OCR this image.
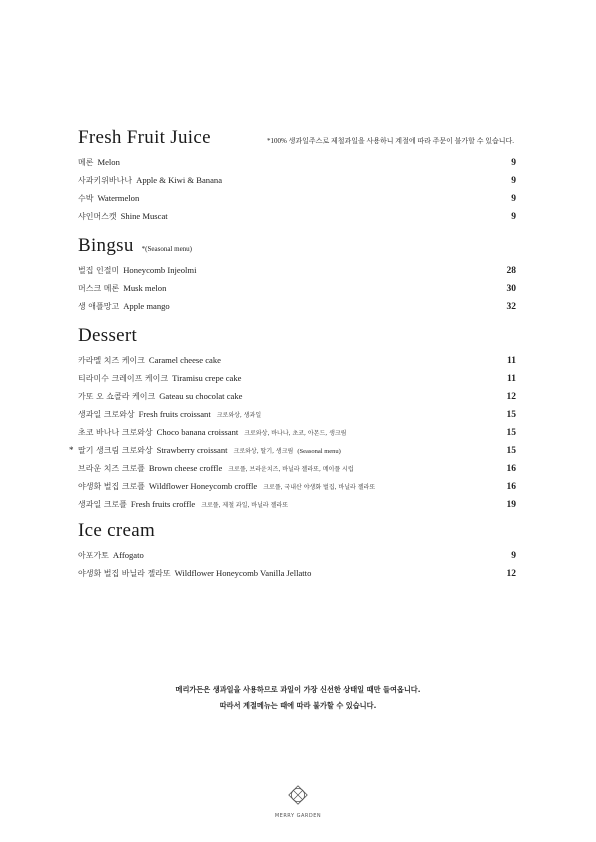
Fresh Fruit Juice	*100% 생과일주스로 제철과일을 사용하니 계절에 따라 주문이 불가할 수 있습니다.
메론 Melon	9
사과키위바나나 Apple & Kiwi & Banana	9
수박 Watermelon	9
샤인머스캣 Shine Muscat	9
Bingsu *(Seasonal menu)
벌집 인절미 Honeycomb Injeolmi	28
머스크 메론 Musk melon	30
생 애플망고 Apple mango	32
Dessert
카라멜 치즈 케이크 Caramel cheese cake	11
티라미수 크레이프 케이크 Tiramisu crepe cake	11
가또 오 쇼콜라 케이크 Gateau su chocolat cake	12
생과일 크로와상 Fresh fruits croissant 크로와상, 생과일	15
초코 바나나 크로와상 Choco banana croissant 크로와상, 바나나, 초코, 아몬드, 생크림	15
* 딸기 생크림 크로와상 Strawberry croissant 크로와상, 딸기, 생크림 (Seasonal menu)	15
브라운 치즈 크로플 Brown cheese croffle 크로플, 브라운치즈, 바닐라 젤라또, 메이플 시럽	16
야생화 벌집 크로플 Wildflower Honeycomb croffle 크로플, 국내산 야생화 벌집, 바닐라 젤라또	16
생과일 크로플 Fresh fruits croffle 크로플, 제철 과일, 바닐라 젤라또	19
Ice cream
아포가토 Affogato	9
야생화 벌집 바닐라 젤라또 Wildflower Honeycomb Vanilla Jellatto	12
메리가든은 생과일을 사용하므로 과일이 가장 신선한 상태일 때만 들여옵니다.
따라서 계절메뉴는 때에 따라 불가할 수 있습니다.
MERRY GARDEN
